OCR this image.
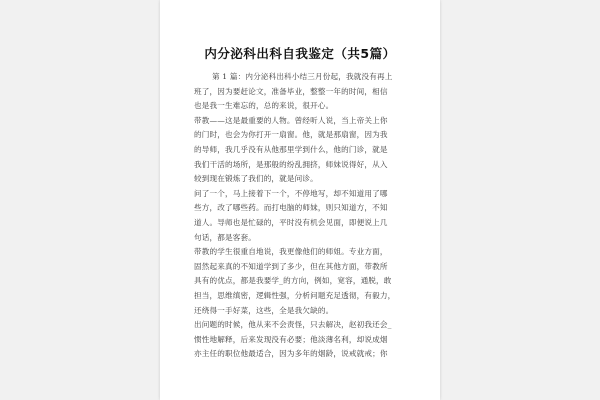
内分泌科出科自我鉴定（共5篇）
第 1 篇：内分泌科出科小结三月份起，我就没有再上
班了，因为要赶论文，准备毕业，整整一年的时间，相信
也是我一生难忘的，总的来说，很开心。
带教——这是最重要的人物。曾经听人说，当上帝关上你
的门时，也会为你打开一扇窗。他，就是那扇窗，因为我
的导师，我几乎没有从他那里学到什么，他的门诊，就是
我们干活的场所，是那般的纷乱拥挤，师妹说得好，从入
较到现在锻炼了我们的，就是问诊。
问了一个，马上接着下一个，不停地写，却不知道用了哪
些方，改了哪些药。而打电脑的师妹，则只知道方，不知
道人。导师也是忙碌的，平时没有机会见面，即便说上几
句话，都是客套。
带教的学生很重自地说，我更像他们的师姐。专业方面，
固然起来真的不知道学到了多少，但在其他方面，带教所
具有的优点，都是我要学_的方向，例如，宽容，通脱，敢
担当，思维缜密，逻辑性强，分析问题充足透彻，有毅力，
还绕得一手好菜，这些，全是我欠缺的。
出问题的时候，他从来不会责怪，只去解决，赵初我还会_
惯性地解释，后来发现没有必要；他淡薄名利，却说成烟
亦主任的职位他最适合，因为多年的烟龄，说戒就戒；你
